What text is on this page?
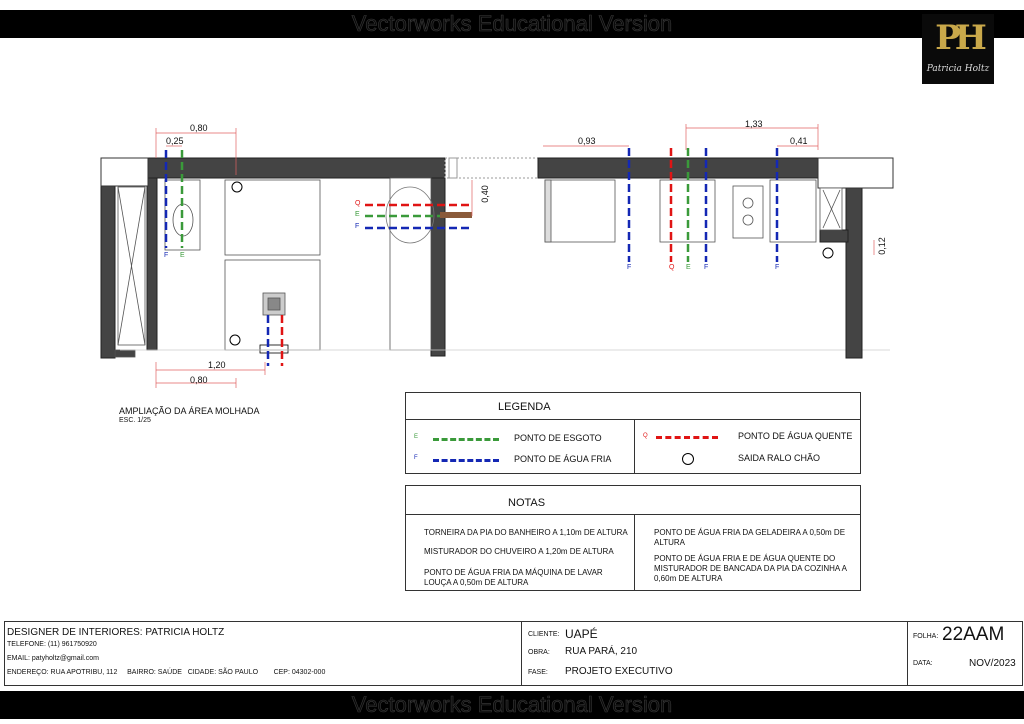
Vectorworks Educational Version
Vectorworks Educational Version
PH
Patricia Holtz
0,80
0,25	0,93
1,33
0,41
0,40
0,12
1,20
0,80
F E
Q
E
F
F	Q E F	F
AMPLIAÇÃO DA ÁREA MOLHADA
ESC. 1/25
LEGENDA
E	PONTO DE ESGOTO
F	PONTO DE ÁGUA FRIA
Q	PONTO DE ÁGUA QUENTE
SAIDA RALO CHÃO
NOTAS
TORNEIRA DA PIA DO BANHEIRO A 1,10m DE ALTURA
MISTURADOR DO CHUVEIRO A 1,20m DE ALTURA
PONTO DE ÁGUA FRIA DA MÁQUINA DE LAVAR LOUÇA A 0,50m DE ALTURA
PONTO DE ÁGUA FRIA DA GELADEIRA A 0,50m DE ALTURA
PONTO DE ÁGUA FRIA E DE ÁGUA QUENTE DO MISTURADOR DE BANCADA DA PIA DA COZINHA A 0,60m DE ALTURA
DESIGNER DE INTERIORES: PATRICIA HOLTZ
TELEFONE: (11) 961750920
EMAIL: patyholtz@gmail.com
ENDEREÇO: RUA APOTRIBU, 112     BAIRRO: SAÚDE   CIDADE: SÃO PAULO        CEP: 04302-000
CLIENTE: UAPÉ
OBRA: RUA PARÁ, 210
FASE: PROJETO EXECUTIVO
FOLHA: 22AAM
DATA:	NOV/2023
